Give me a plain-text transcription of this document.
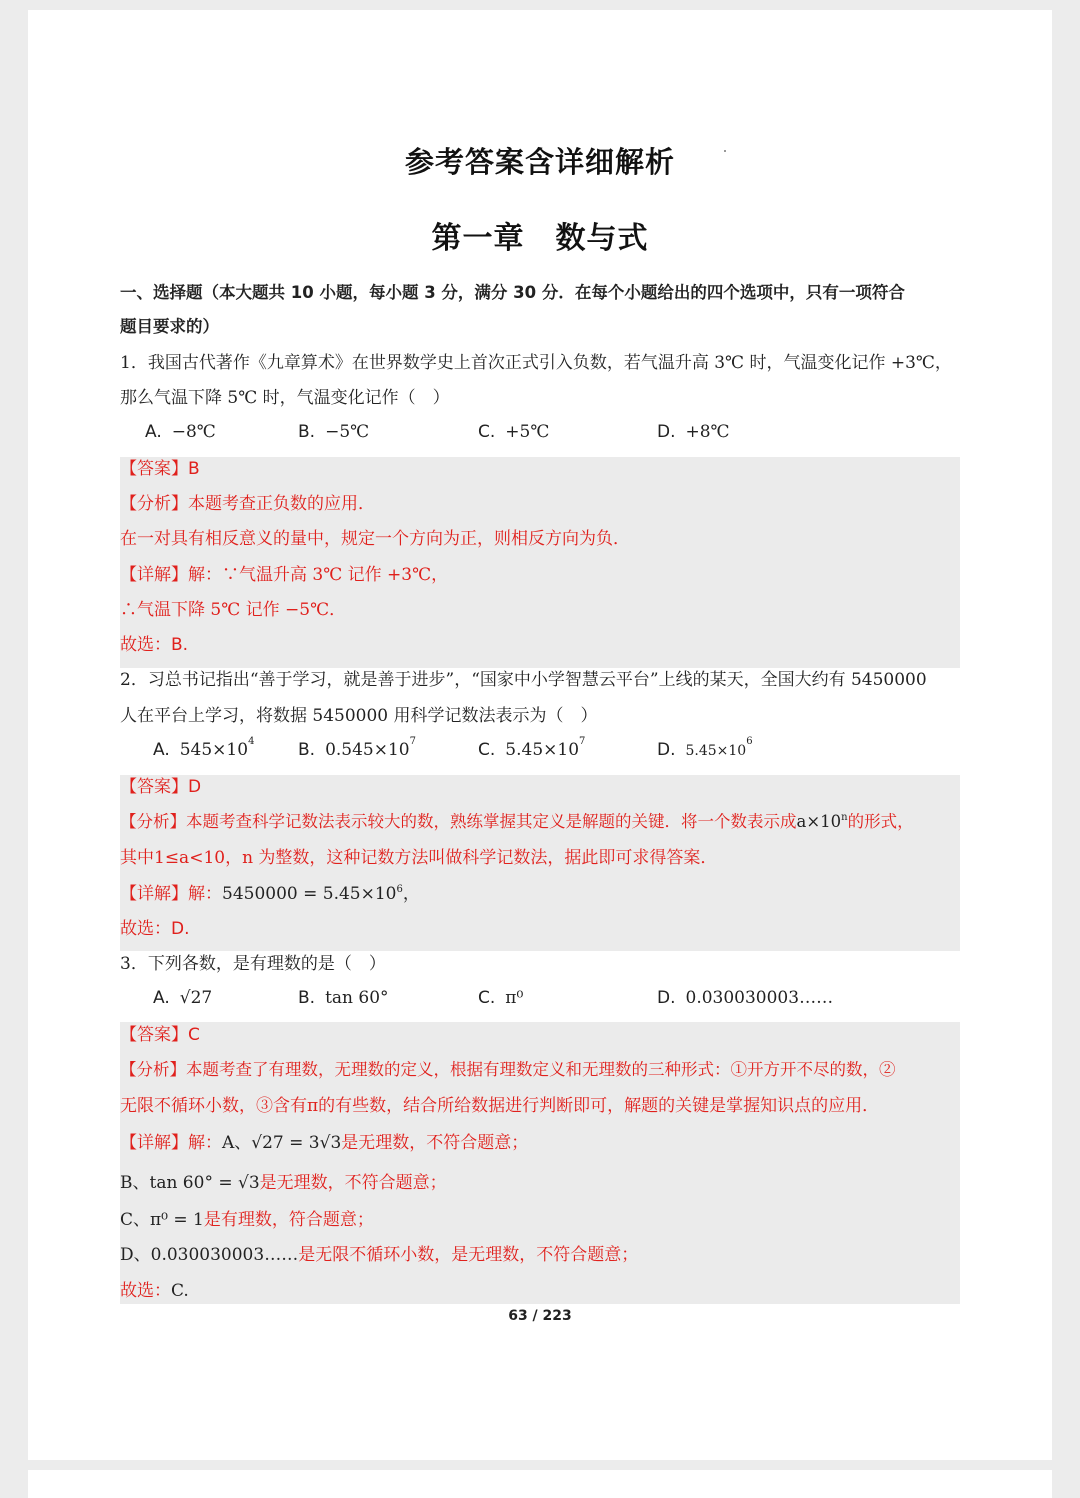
参考答案含详细解析
第一章　数与式
一、选择题（本大题共 10 小题，每小题 3 分，满分 30 分．在每个小题给出的四个选项中，只有一项符合
题目要求的）
1．我国古代著作《九章算术》在世界数学史上首次正式引入负数，若气温升高 3℃ 时，气温变化记作 +3℃，
那么气温下降 5℃ 时，气温变化记作（　）
A. −8℃	B. −5℃	C. +5℃	D. +8℃
【答案】B
【分析】本题考查正负数的应用．
在一对具有相反意义的量中，规定一个方向为正，则相反方向为负．
【详解】解：∵气温升高 3℃ 记作 +3℃，
∴气温下降 5℃ 记作 −5℃．
故选：B.
2．习总书记指出“善于学习，就是善于进步”，“国家中小学智慧云平台”上线的某天，全国大约有 5450000
人在平台上学习，将数据 5450000 用科学记数法表示为（　）
A. $545\times 10^4$	B. $0.545\times 10^7$	C. $5.45\times 10^7$	D. $5.45\times 10^6$
【答案】D
【分析】本题考查科学记数法表示较大的数，熟练掌握其定义是解题的关键．将一个数表示成$a\times 10^n$的形式，
其中1≤a<10，n 为整数，这种记数方法叫做科学记数法，据此即可求得答案．
【详解】解：$5450000 = 5.45\times 10^6$，
故选：D.
3．下列各数，是有理数的是（　）
A. √27	B. tan 60°	C. π⁰	D. 0.030030003……
【答案】C
【分析】本题考查了有理数，无理数的定义，根据有理数定义和无理数的三种形式：①开方开不尽的数，②
无限不循环小数，③含有π的有些数，结合所给数据进行判断即可，解题的关键是掌握知识点的应用．
【详解】解：A、√27 = 3√3是无理数，不符合题意；
B、tan 60° = √3是无理数，不符合题意；
C、π⁰ = 1是有理数，符合题意；
D、0.030030003……是无限不循环小数，是无理数，不符合题意；
故选：C.
63 / 223
